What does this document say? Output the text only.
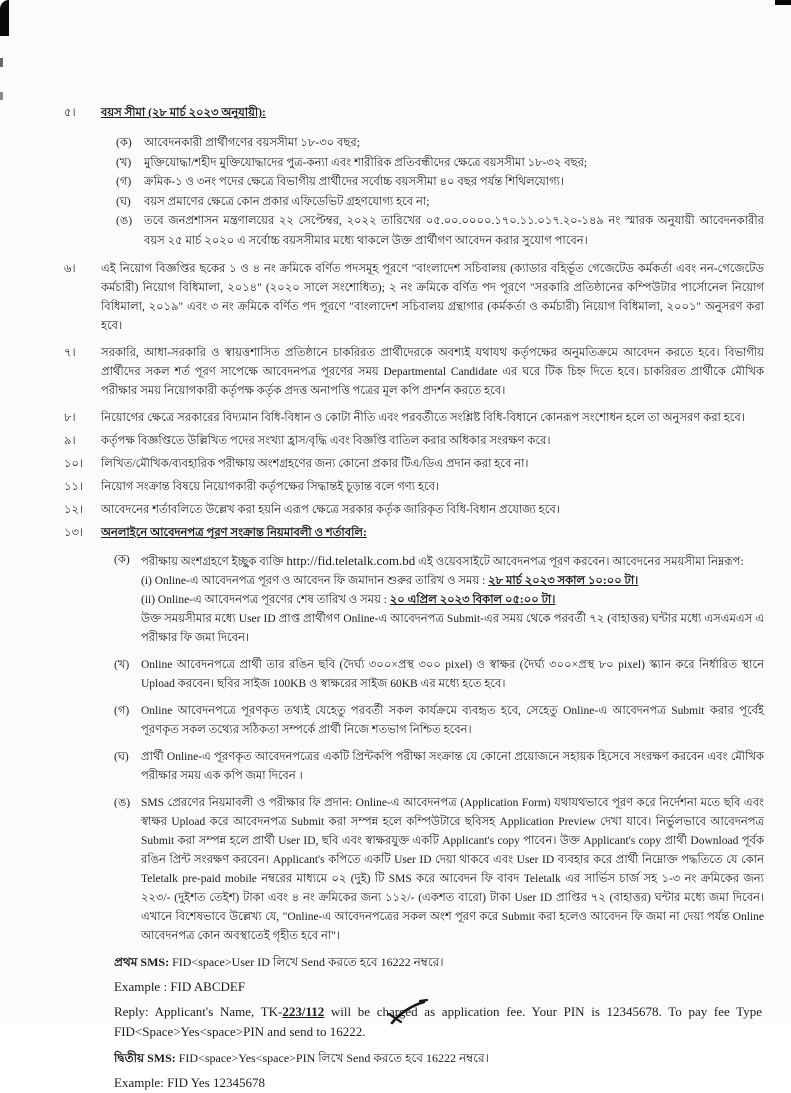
৫।	বয়স সীমা (২৮ মার্চ ২০২৩ অনুযায়ী):
(ক)	আবেদনকারী প্রার্থীগণের বয়সসীমা ১৮-৩০ বছর;
(খ)	মুক্তিযোদ্ধা/শহীদ মুক্তিযোদ্ধাদের পুত্র-কন্যা এবং শারীরিক প্রতিবন্ধীদের ক্ষেত্রে বয়সসীমা ১৮-৩২ বছর;
(গ)	ক্রমিক-১ ও ৩নং পদের ক্ষেত্রে বিভাগীয় প্রার্থীদের সর্বোচ্চ বয়সসীমা ৪০ বছর পর্যন্ত শিথিলযোগ্য।
(ঘ)	বয়স প্রমাণের ক্ষেত্রে কোন প্রকার এফিডেভিট গ্রহণযোগ্য হবে না;
(ঙ)	তবে জনপ্রশাসন মন্ত্রণালয়ের ২২ সেপ্টেম্বর, ২০২২ তারিখের ০৫.০০.০০০০.১৭০.১১.০১৭.২০-১৪৯ নং স্মারক অনুযায়ী আবেদনকারীর বয়স ২৫ মার্চ ২০২০ এ সর্বোচ্চ বয়সসীমার মধ্যে থাকলে উক্ত প্রার্থীগণ আবেদন করার সুযোগ পাবেন।
৬।	এই নিয়োগ বিজ্ঞপ্তির ছকের ১ ও ৪ নং ক্রমিকে বর্ণিত পদসমূহ পূরণে "বাংলাদেশ সচিবালয় (ক্যাডার বহির্ভূত গেজেটেড কর্মকর্তা এবং নন-গেজেটেড কর্মচারী) নিয়োগ বিধিমালা, ২০১৪" (২০২০ সালে সংশোধিত); ২ নং ক্রমিকে বর্ণিত পদ পূরণে "সরকারি প্রতিষ্ঠানের কম্পিউটার পার্সোনেল নিয়োগ বিধিমালা, ২০১৯" এবং ৩ নং ক্রমিকে বর্ণিত পদ পূরণে "বাংলাদেশ সচিবালয় গ্রন্থাগার (কর্মকর্তা ও কর্মচারী) নিয়োগ বিধিমালা, ২০০১" অনুসরণ করা হবে।
৭।	সরকারি, আধা-সরকারি ও স্বায়ত্তশাসিত প্রতিষ্ঠানে চাকরিরত প্রার্থীদেরকে অবশ্যই যথাযথ কর্তৃপক্ষের অনুমতিক্রমে আবেদন করতে হবে। বিভাগীয় প্রার্থীদের সকল শর্ত পূরণ সাপেক্ষে আবেদনপত্র পূরণের সময় Departmental Candidate এর ঘরে টিক চিহ্ন দিতে হবে। চাকরিরত প্রার্থীকে মৌখিক পরীক্ষার সময় নিয়োগকারী কর্তৃপক্ষ কর্তৃক প্রদত্ত অনাপত্তি পত্রের মূল কপি প্রদর্শন করতে হবে।
৮।	নিয়োগের ক্ষেত্রে সরকারের বিদ্যমান বিধি-বিধান ও কোটা নীতি এবং পরবর্তীতে সংশ্লিষ্ট বিধি-বিধানে কোনরূপ সংশোধন হলে তা অনুসরণ করা হবে।
৯।	কর্তৃপক্ষ বিজ্ঞপ্তিতে উল্লিখিত পদের সংখ্যা হ্রাস/বৃদ্ধি এবং বিজ্ঞপ্তি বাতিল করার অধিকার সংরক্ষণ করে।
১০।	লিখিত/মৌখিক/ব্যবহারিক পরীক্ষায় অংশগ্রহণের জন্য কোনো প্রকার টিএ/ডিএ প্রদান করা হবে না।
১১।	নিয়োগ সংক্রান্ত বিষয়ে নিয়োগকারী কর্তৃপক্ষের সিদ্ধান্তই চূড়ান্ত বলে গণ্য হবে।
১২।	আবেদনের শর্তাবলিতে উল্লেখ করা হয়নি এরূপ ক্ষেত্রে সরকার কর্তৃক জারিকৃত বিধি-বিধান প্রযোজ্য হবে।
১৩।	অনলাইনে আবেদনপত্র পূরণ সংক্রান্ত নিয়মাবলী ও শর্তাবলি:
(ক) পরীক্ষায় অংশগ্রহণে ইচ্ছুক ব্যক্তি http://fid.teletalk.com.bd এই ওয়েবসাইটে আবেদনপত্র পূরণ করবেন। আবেদনের সময়সীমা নিম্নরূপ:
(i) Online-এ আবেদনপত্র পূরণ ও আবেদন ফি জমাদান শুরুর তারিখ ও সময় : ২৮ মার্চ ২০২৩ সকাল ১০:০০ টা।
(ii) Online-এ আবেদনপত্র পূরণের শেষ তারিখ ও সময় : ২০ এপ্রিল ২০২৩ বিকাল ০৫:০০ টা।
উক্ত সময়সীমার মধ্যে User ID প্রাপ্ত প্রার্থীগণ Online-এ আবেদনপত্র Submit-এর সময় থেকে পরবর্তী ৭২ (বাহাত্তর) ঘন্টার মধ্যে এসএমএস এ পরীক্ষার ফি জমা দিবেন।
(খ)	Online আবেদনপত্রে প্রার্থী তার রঙিন ছবি (দৈর্ঘ্য ৩০০×প্রস্থ ৩০০ pixel) ও স্বাক্ষর (দৈর্ঘ্য ৩০০×প্রস্থ ৮০ pixel) স্ক্যান করে নির্ধারিত স্থানে Upload করবেন। ছবির সাইজ 100KB ও স্বাক্ষরের সাইজ 60KB এর মধ্যে হতে হবে।
(গ)	Online আবেদনপত্রে পূরণকৃত তথ্যই যেহেতু পরবর্তী সকল কার্যক্রমে ব্যবহৃত হবে, সেহেতু Online-এ আবেদনপত্র Submit করার পূর্বেই পূরণকৃত সকল তথ্যের সঠিকতা সম্পর্কে প্রার্থী নিজে শতভাগ নিশ্চিত হবেন।
(ঘ)	প্রার্থী Online-এ পূরণকৃত আবেদনপত্রের একটি প্রিন্টকপি পরীক্ষা সংক্রান্ত যে কোনো প্রয়োজনে সহায়ক হিসেবে সংরক্ষণ করবেন এবং মৌখিক পরীক্ষার সময় এক কপি জমা দিবেন ।
(ঙ) SMS প্রেরণের নিয়মাবলী ও পরীক্ষার ফি প্রদান: Online-এ আবেদনপত্র (Application Form) যথাযথভাবে পূরণ করে নির্দেশনা মতে ছবি এবং স্বাক্ষর Upload করে আবেদনপত্র Submit করা সম্পন্ন হলে কম্পিউটারে ছবিসহ Application Preview দেখা যাবে। নির্ভুলভাবে আবেদনপত্র Submit করা সম্পন্ন হলে প্রার্থী User ID, ছবি এবং স্বাক্ষরযুক্ত একটি Applicant's copy পাবেন। উক্ত Applicant's copy প্রার্থী Download পূর্বক রঙিন প্রিন্ট সংরক্ষণ করবেন। Applicant's কপিতে একটি User ID দেয়া থাকবে এবং User ID ব্যবহার করে প্রার্থী নিম্নোক্ত পদ্ধতিতে যে কোন Teletalk pre-paid mobile নম্বরের মাধ্যমে ০২ (দুই) টি SMS করে আবেদন ফি বাবদ Teletalk এর সার্ভিস চার্জ সহ ১-৩ নং ক্রমিকের জন্য ২২৩/- (দুইশত তেইশ) টাকা এবং ৪ নং ক্রমিকের জন্য ১১২/- (একশত বারো) টাকা User ID প্রাপ্তির ৭২ (বাহাত্তর) ঘন্টার মধ্যে জমা দিবেন। এখানে বিশেষভাবে উল্লেখ্য যে, "Online-এ আবেদনপত্রের সকল অংশ পূরণ করে Submit করা হলেও আবেদন ফি জমা না দেয়া পর্যন্ত Online আবেদনপত্র কোন অবস্থাতেই গৃহীত হবে না"।
প্রথম SMS: FID<space>User ID লিখে Send করতে হবে 16222 নম্বরে।
Example : FID ABCDEF
Reply: Applicant's Name, TK-223/112 will be charged as application fee. Your PIN is 12345678. To pay fee Type FID<Space>Yes<space>PIN and send to 16222.
দ্বিতীয় SMS: FID<space>Yes<space>PIN লিখে Send করতে হবে 16222 নম্বরে।
Example: FID Yes 12345678
